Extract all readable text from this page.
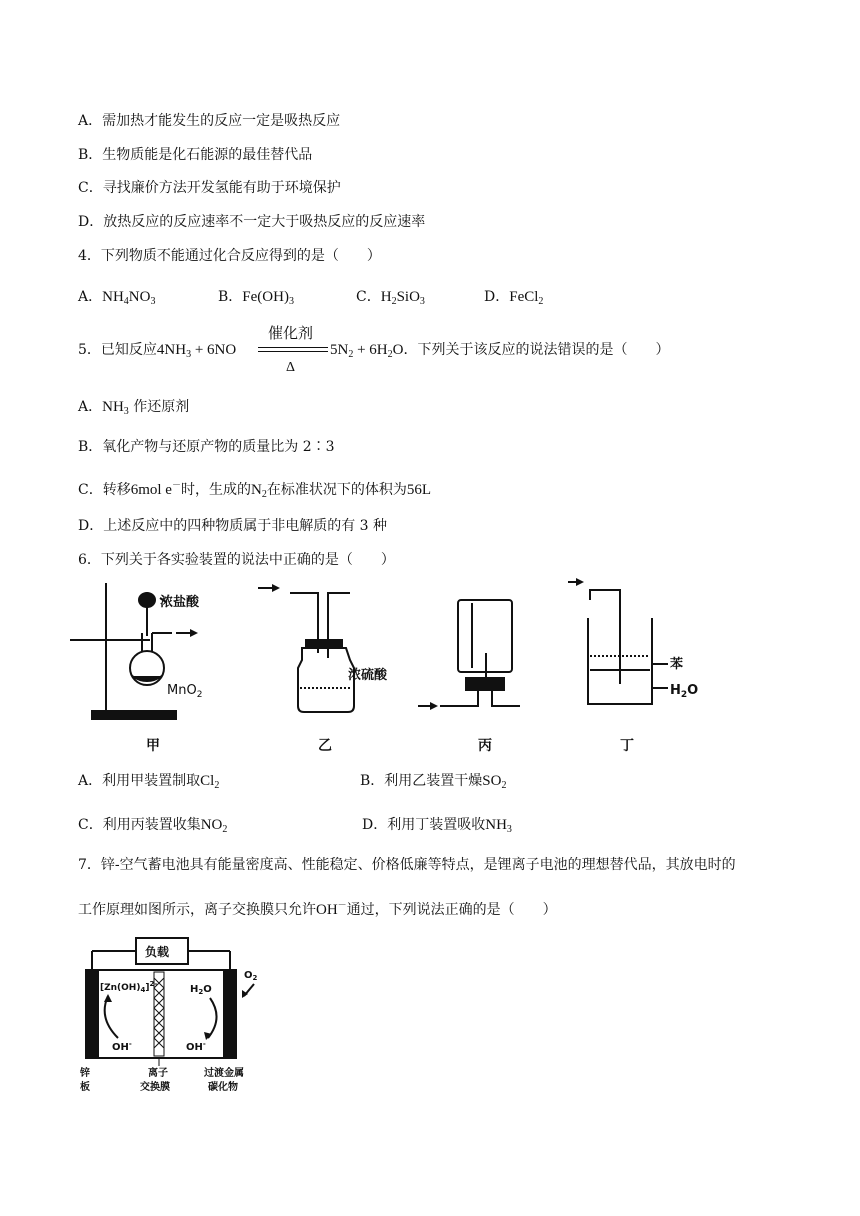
A．需加热才能发生的反应一定是吸热反应
B．生物质能是化石能源的最佳替代品
C．寻找廉价方法开发氢能有助于环境保护
D．放热反应的反应速率不一定大于吸热反应的反应速率
4．下列物质不能通过化合反应得到的是（　　）
A．$NH_4NO_3$	B．$Fe(OH)_3$	C．$H_2SiO_3$	D．FeCl$_2$
5．已知反应$4NH_3 + 6NO$
催化剂
Δ
$5N_2 + 6H_2O$．下列关于该反应的说法错误的是（　　）
A．$NH_3$ 作还原剂
B．氧化产物与还原产物的质量比为 2∶3
C．转移6mol e－时，生成的$N_2$在标准状况下的体积为56L
D．上述反应中的四种物质属于非电解质的有 3 种
6．下列关于各实验装置的说法中正确的是（　　）
浓盐酸
MnO$_2$
浓硫酸
苯
$H_2O$
甲	乙	丙	丁
A．利用甲装置制取$Cl_2$	B．利用乙装置干燥$SO_2$
C．利用丙装置收集$NO_2$	D．利用丁装置吸收$NH_3$
7．锌-空气蓄电池具有能量密度高、性能稳定、价格低廉等特点，是锂离子电池的理想替代品，其放电时的
工作原理如图所示，离子交换膜只允许OH－通过，下列说法正确的是（　　）
负载
$[Zn(OH)_4]^{2-}$
OH-
$H_2O$
OH-
$O_2$
锌
板
离子
交换膜
过渡金属
碳化物
